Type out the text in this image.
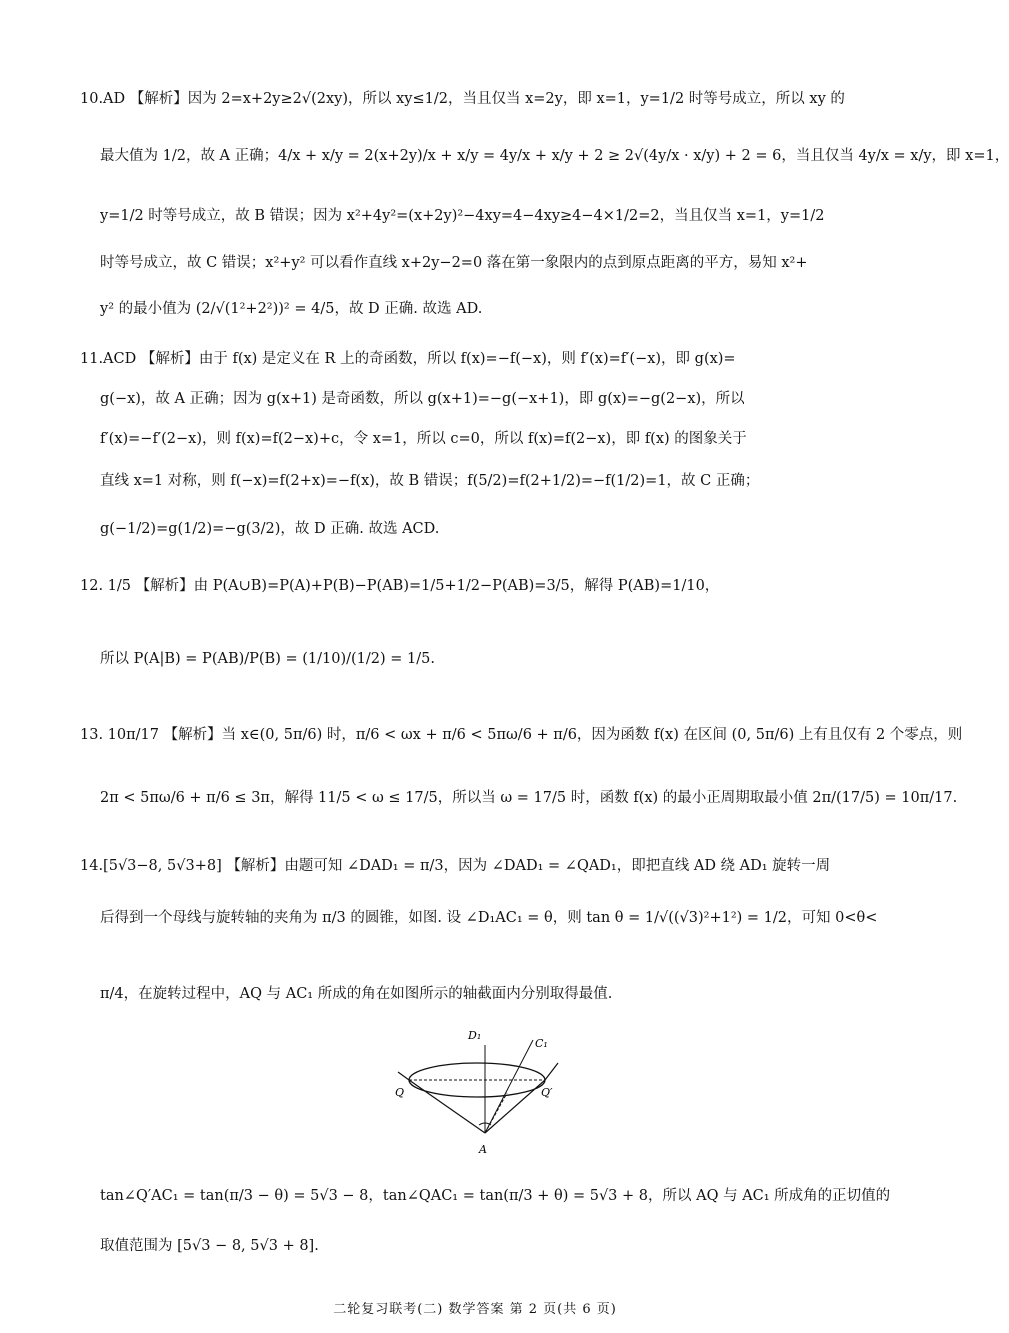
10.AD 【解析】因为 2=x+2y≥2√(2xy)，所以 xy≤1/2，当且仅当 x=2y，即 x=1，y=1/2 时等号成立，所以 xy 的
最大值为 1/2，故 A 正确；4/x + x/y = 2(x+2y)/x + x/y = 4y/x + x/y + 2 ≥ 2√(4y/x · x/y) + 2 = 6，当且仅当 4y/x = x/y，即 x=1，
y=1/2 时等号成立，故 B 错误；因为 x²+4y²=(x+2y)²−4xy=4−4xy≥4−4×1/2=2，当且仅当 x=1，y=1/2
时等号成立，故 C 错误；x²+y² 可以看作直线 x+2y−2=0 落在第一象限内的点到原点距离的平方，易知 x²+
y² 的最小值为 (2/√(1²+2²))² = 4/5，故 D 正确. 故选 AD.
11.ACD 【解析】由于 f(x) 是定义在 R 上的奇函数，所以 f(x)=−f(−x)，则 f′(x)=f′(−x)，即 g(x)=
g(−x)，故 A 正确；因为 g(x+1) 是奇函数，所以 g(x+1)=−g(−x+1)，即 g(x)=−g(2−x)，所以
f′(x)=−f′(2−x)，则 f(x)=f(2−x)+c，令 x=1，所以 c=0，所以 f(x)=f(2−x)，即 f(x) 的图象关于
直线 x=1 对称，则 f(−x)=f(2+x)=−f(x)，故 B 错误；f(5/2)=f(2+1/2)=−f(1/2)=1，故 C 正确；
g(−1/2)=g(1/2)=−g(3/2)，故 D 正确. 故选 ACD.
12. 1/5 【解析】由 P(A∪B)=P(A)+P(B)−P(AB)=1/5+1/2−P(AB)=3/5，解得 P(AB)=1/10，
所以 P(A|B) = P(AB)/P(B) = (1/10)/(1/2) = 1/5.
13. 10π/17 【解析】当 x∈(0, 5π/6) 时，π/6 < ωx + π/6 < 5πω/6 + π/6，因为函数 f(x) 在区间 (0, 5π/6) 上有且仅有 2 个零点，则
2π < 5πω/6 + π/6 ≤ 3π，解得 11/5 < ω ≤ 17/5，所以当 ω = 17/5 时，函数 f(x) 的最小正周期取最小值 2π/(17/5) = 10π/17.
14.[5√3−8, 5√3+8] 【解析】由题可知 ∠DAD₁ = π/3，因为 ∠DAD₁ = ∠QAD₁，即把直线 AD 绕 AD₁ 旋转一周
后得到一个母线与旋转轴的夹角为 π/3 的圆锥，如图. 设 ∠D₁AC₁ = θ，则 tan θ = 1/√((√3)²+1²) = 1/2，可知 0<θ<
π/4，在旋转过程中，AQ 与 AC₁ 所成的角在如图所示的轴截面内分别取得最值.
tan∠Q′AC₁ = tan(π/3 − θ) = 5√3 − 8，tan∠QAC₁ = tan(π/3 + θ) = 5√3 + 8，所以 AQ 与 AC₁ 所成角的正切值的
取值范围为 [5√3 − 8, 5√3 + 8].
D₁
C₁
Q	Q′
A
二轮复习联考(二) 数学答案 第 2 页(共 6 页)
